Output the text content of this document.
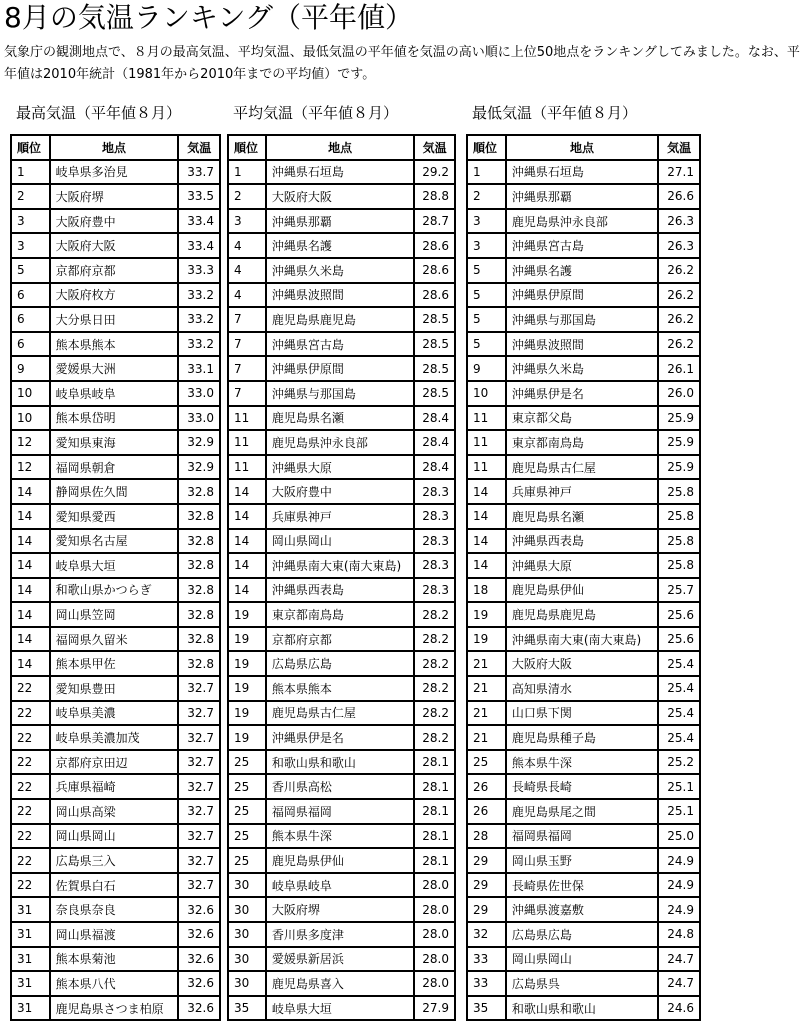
8月の気温ランキング（平年値）
気象庁の観測地点で、８月の最高気温、平均気温、最低気温の平年値を気温の高い順に上位50地点をランキングしてみました。なお、平年値は2010年統計（1981年から2010年までの平均値）です。
最高気温（平年値８月）
順位	地点	気温
1	岐阜県多治見	33.7
2	大阪府堺	33.5
3	大阪府豊中	33.4
3	大阪府大阪	33.4
5	京都府京都	33.3
6	大阪府枚方	33.2
6	大分県日田	33.2
6	熊本県熊本	33.2
9	愛媛県大洲	33.1
10	岐阜県岐阜	33.0
10	熊本県岱明	33.0
12	愛知県東海	32.9
12	福岡県朝倉	32.9
14	静岡県佐久間	32.8
14	愛知県愛西	32.8
14	愛知県名古屋	32.8
14	岐阜県大垣	32.8
14	和歌山県かつらぎ	32.8
14	岡山県笠岡	32.8
14	福岡県久留米	32.8
14	熊本県甲佐	32.8
22	愛知県豊田	32.7
22	岐阜県美濃	32.7
22	岐阜県美濃加茂	32.7
22	京都府京田辺	32.7
22	兵庫県福崎	32.7
22	岡山県高梁	32.7
22	岡山県岡山	32.7
22	広島県三入	32.7
22	佐賀県白石	32.7
31	奈良県奈良	32.6
31	岡山県福渡	32.6
31	熊本県菊池	32.6
31	熊本県八代	32.6
31	鹿児島県さつま柏原	32.6
平均気温（平年値８月）
順位	地点	気温
1	沖縄県石垣島	29.2
2	大阪府大阪	28.8
3	沖縄県那覇	28.7
4	沖縄県名護	28.6
4	沖縄県久米島	28.6
4	沖縄県波照間	28.6
7	鹿児島県鹿児島	28.5
7	沖縄県宮古島	28.5
7	沖縄県伊原間	28.5
7	沖縄県与那国島	28.5
11	鹿児島県名瀬	28.4
11	鹿児島県沖永良部	28.4
11	沖縄県大原	28.4
14	大阪府豊中	28.3
14	兵庫県神戸	28.3
14	岡山県岡山	28.3
14	沖縄県南大東(南大東島)	28.3
14	沖縄県西表島	28.3
19	東京都南鳥島	28.2
19	京都府京都	28.2
19	広島県広島	28.2
19	熊本県熊本	28.2
19	鹿児島県古仁屋	28.2
19	沖縄県伊是名	28.2
25	和歌山県和歌山	28.1
25	香川県高松	28.1
25	福岡県福岡	28.1
25	熊本県牛深	28.1
25	鹿児島県伊仙	28.1
30	岐阜県岐阜	28.0
30	大阪府堺	28.0
30	香川県多度津	28.0
30	愛媛県新居浜	28.0
30	鹿児島県喜入	28.0
35	岐阜県大垣	27.9
最低気温（平年値８月）
順位	地点	気温
1	沖縄県石垣島	27.1
2	沖縄県那覇	26.6
3	鹿児島県沖永良部	26.3
3	沖縄県宮古島	26.3
5	沖縄県名護	26.2
5	沖縄県伊原間	26.2
5	沖縄県与那国島	26.2
5	沖縄県波照間	26.2
9	沖縄県久米島	26.1
10	沖縄県伊是名	26.0
11	東京都父島	25.9
11	東京都南鳥島	25.9
11	鹿児島県古仁屋	25.9
14	兵庫県神戸	25.8
14	鹿児島県名瀬	25.8
14	沖縄県西表島	25.8
14	沖縄県大原	25.8
18	鹿児島県伊仙	25.7
19	鹿児島県鹿児島	25.6
19	沖縄県南大東(南大東島)	25.6
21	大阪府大阪	25.4
21	高知県清水	25.4
21	山口県下関	25.4
21	鹿児島県種子島	25.4
25	熊本県牛深	25.2
26	長崎県長崎	25.1
26	鹿児島県尾之間	25.1
28	福岡県福岡	25.0
29	岡山県玉野	24.9
29	長崎県佐世保	24.9
29	沖縄県渡嘉敷	24.9
32	広島県広島	24.8
33	岡山県岡山	24.7
33	広島県呉	24.7
35	和歌山県和歌山	24.6
